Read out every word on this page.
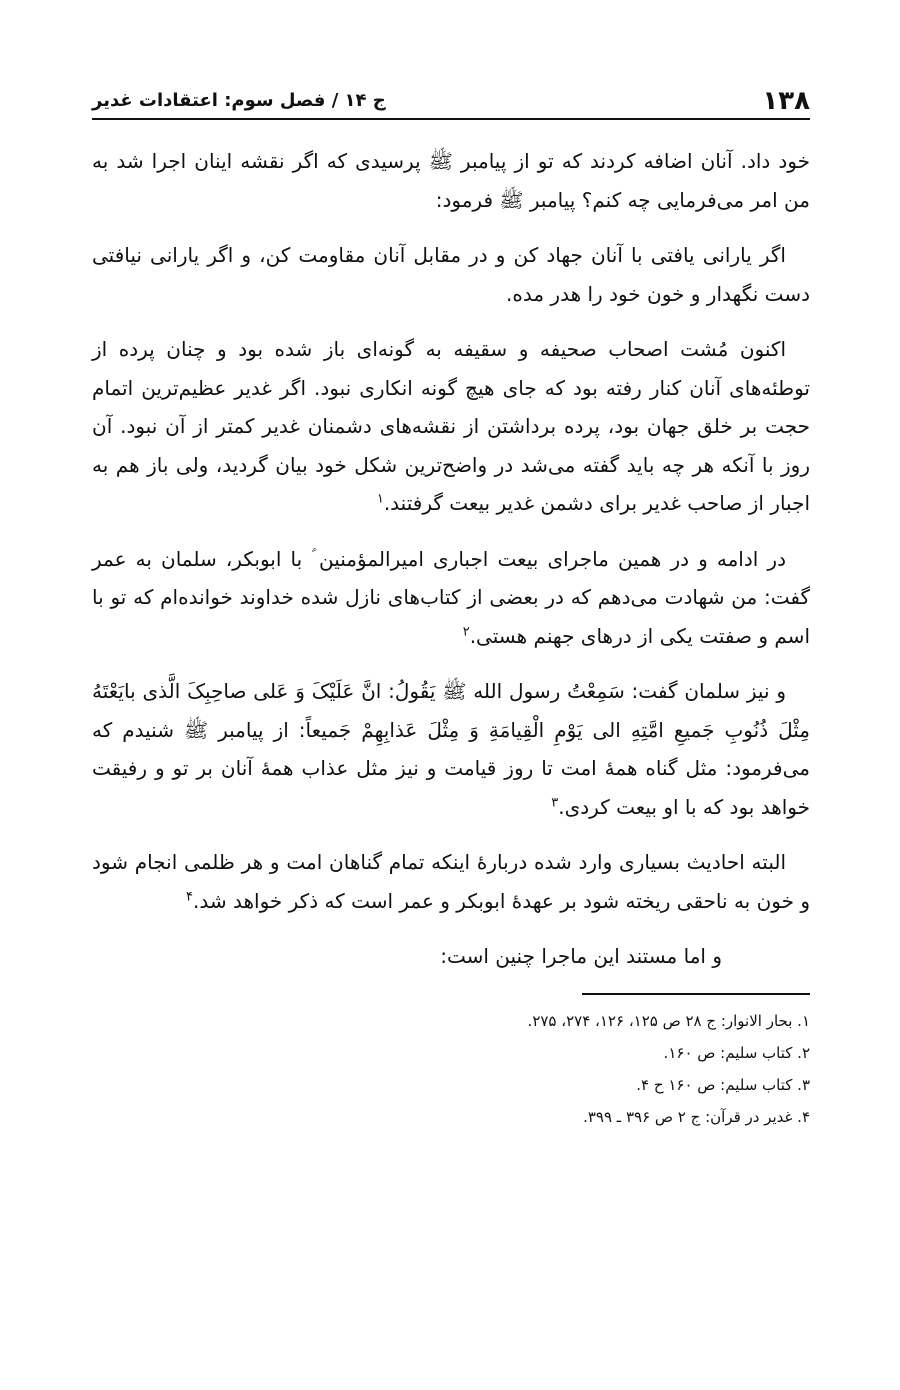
۱۳۸
ج ۱۴ / فصل سوم: اعتقادات غدیر

خود داد. آنان اضافه کردند که تو از پیامبر ﷺ پرسیدی که اگر نقشه اینان اجرا شد به من امر می‌فرمایی چه کنم؟ پیامبر ﷺ فرمود:

اگر یارانی یافتی با آنان جهاد کن و در مقابل آنان مقاومت کن، و اگر یارانی نیافتی دست نگهدار و خون خود را هدر مده.

اکنون مُشت اصحاب صحیفه و سقیفه به گونه‌ای باز شده بود و چنان پرده از توطئه‌های آنان کنار رفته بود که جای هیچ گونه انکاری نبود. اگر غدیر عظیم‌ترین اتمام حجت بر خلق جهان بود، پرده برداشتن از نقشه‌های دشمنان غدیر کمتر از آن نبود. آن روز با آنکه هر چه باید گفته می‌شد در واضح‌ترین شکل خود بیان گردید، ولی باز هم به اجبار از صاحب غدیر برای دشمن غدیر بیعت گرفتند.$^۱$

در ادامه و در همین ماجرای بیعت اجباری امیرالمؤمنین ؑ با ابوبکر، سلمان به عمر گفت: من شهادت می‌دهم که در بعضی از کتاب‌های نازل شده خداوند خوانده‌ام که تو با اسم و صفتت یکی از درهای جهنم هستی.$^۲$

و نیز سلمان گفت: سَمِعْتُ رسول الله ﷺ یَقُولُ: انَّ عَلَیْکَ وَ عَلی صاحِبِکَ الَّذی بایَعْتَهُ مِثْلَ ذُنُوبِ جَمیعِ امَّتِهِ الی یَوْمِ الْقِیامَةِ وَ مِثْلَ عَذابِهِمْ جَمیعاً: از پیامبر ﷺ شنیدم که می‌فرمود: مثل گناه همهٔ امت تا روز قیامت و نیز مثل عذاب همهٔ آنان بر تو و رفیقت خواهد بود که با او بیعت کردی.$^۳$

البته احادیث بسیاری وارد شده دربارهٔ اینکه تمام گناهان امت و هر ظلمی انجام شود و خون به ناحقی ریخته شود بر عهدهٔ ابوبکر و عمر است که ذکر خواهد شد.$^۴$

و اما مستند این ماجرا چنین است:

۱. بحار الانوار: ج ۲۸ ص ۱۲۵، ۱۲۶، ۲۷۴، ۲۷۵.

۲. کتاب سلیم: ص ۱۶۰.

۳. کتاب سلیم: ص ۱۶۰ ح ۴.

۴. غدیر در قرآن: ج ۲ ص ۳۹۶ ـ ۳۹۹.
